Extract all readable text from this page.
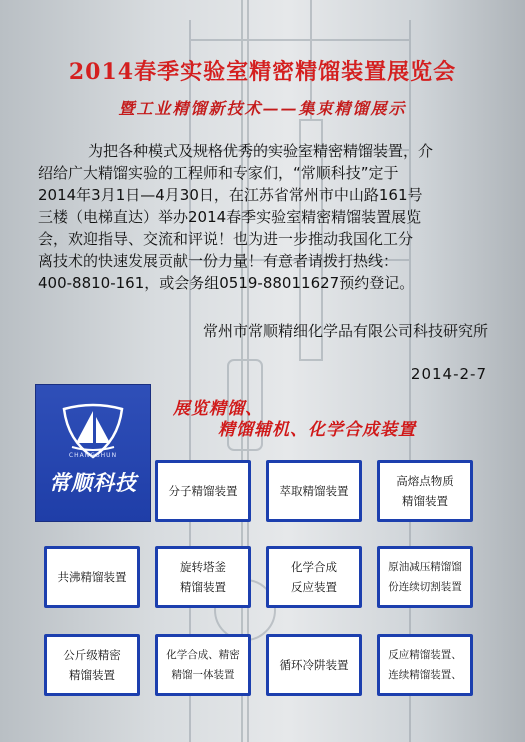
2014春季实验室精密精馏装置展览会
暨工业精馏新技术——集束精馏展示
为把各种模式及规格优秀的实验室精密精馏装置，介
绍给广大精馏实验的工程师和专家们，“常顺科技”定于
2014年3月1日—4月30日，在江苏省常州市中山路161号
三楼（电梯直达）举办2014春季实验室精密精馏装置展览
会，欢迎指导、交流和评说！也为进一步推动我国化工分
离技术的快速发展贡献一份力量！有意者请拨打热线：
400-8810-161，或会务组0519-88011627预约登记。
常州市常顺精细化学品有限公司科技研究所
2014-2-7
CHANGSHUN
常顺科技
展览精馏、
精馏辅机、化学合成装置
分子精馏装置	萃取精馏装置
高熔点物质
精馏装置
共沸精馏装置
旋转塔釜
精馏装置
化学合成
反应装置
原油减压精馏馏
份连续切割装置
公斤级精密
精馏装置
化学合成、精密
精馏一体装置
循环冷阱装置
反应精馏装置、
连续精馏装置、
